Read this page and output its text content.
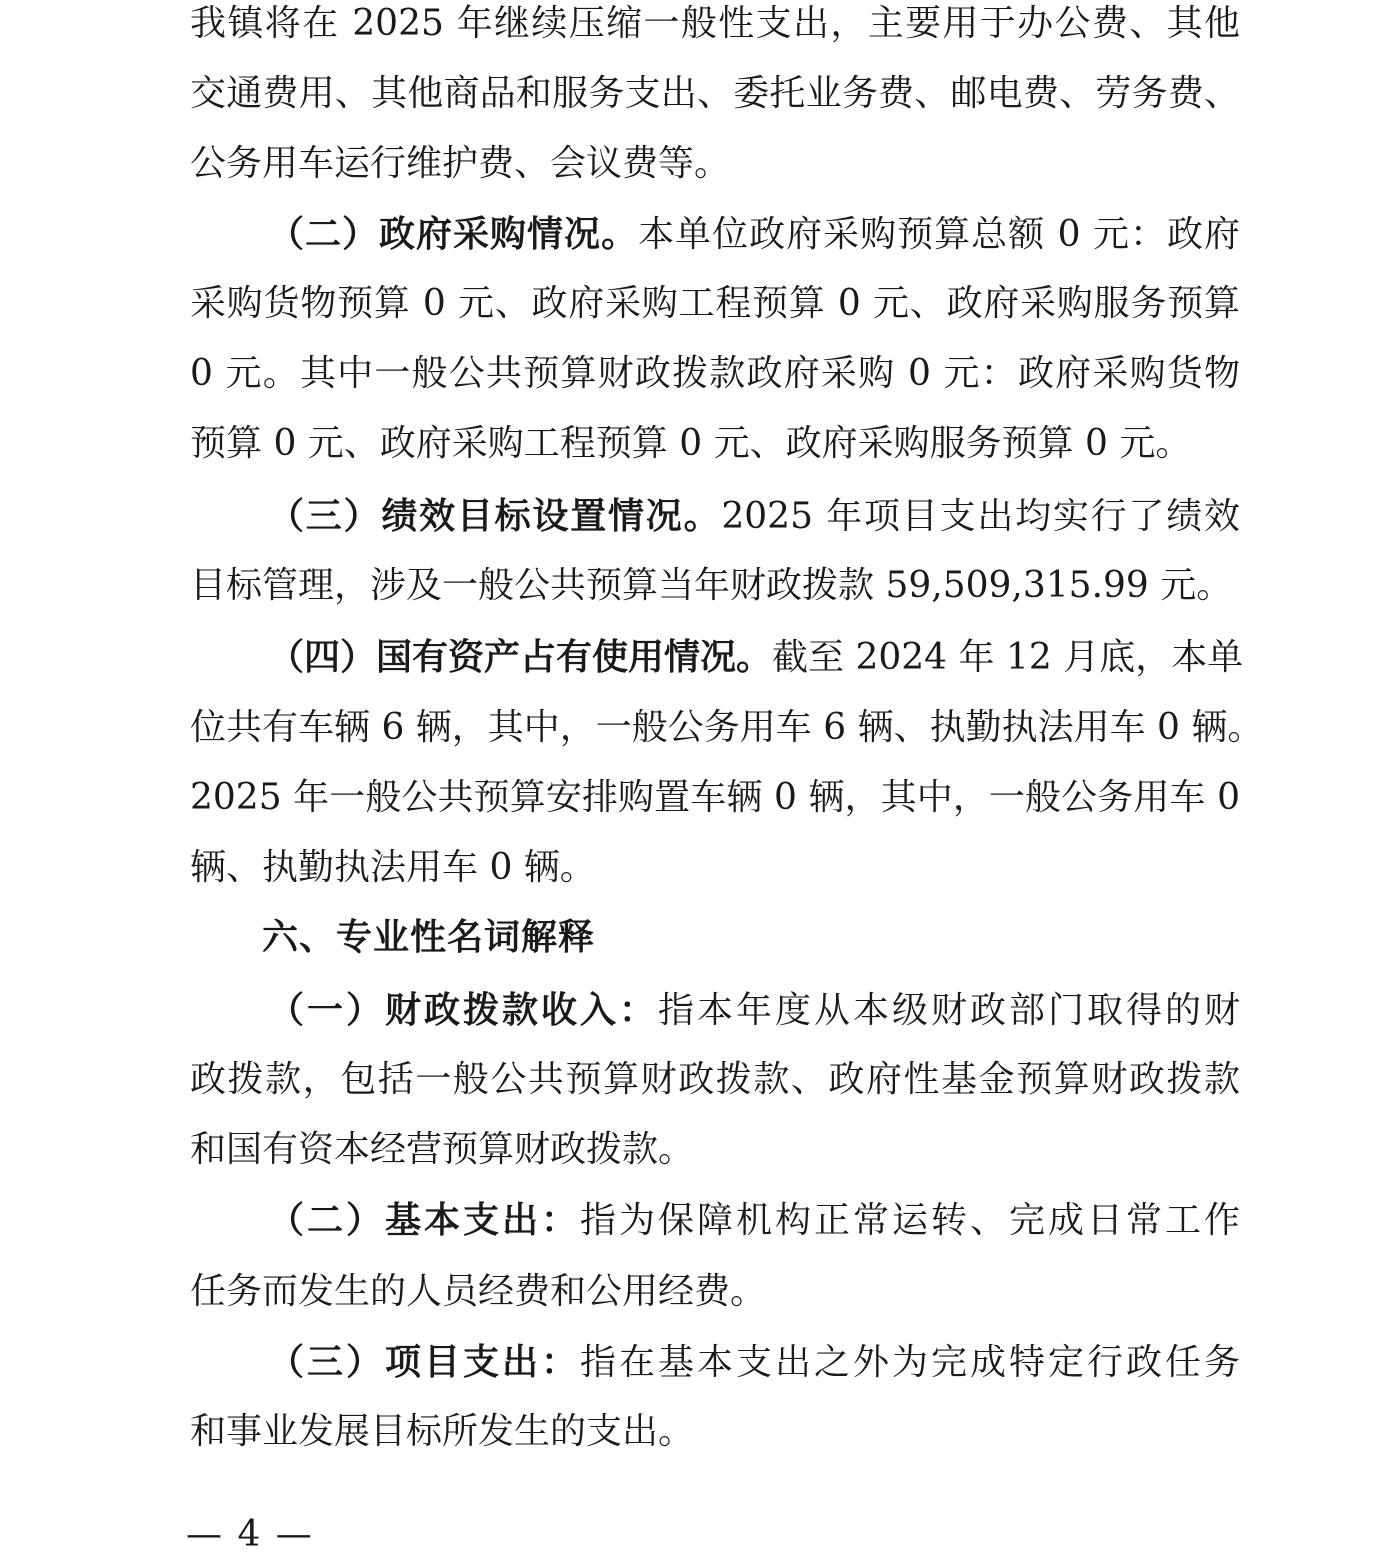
我镇将在 2025 年继续压缩一般性支出，主要用于办公费、其他
交通费用、其他商品和服务支出、委托业务费、邮电费、劳务费、
公务用车运行维护费、会议费等。
（二）政府采购情况。本单位政府采购预算总额 0 元：政府
采购货物预算 0 元、政府采购工程预算 0 元、政府采购服务预算
0 元。其中一般公共预算财政拨款政府采购 0 元：政府采购货物
预算 0 元、政府采购工程预算 0 元、政府采购服务预算 0 元。
（三）绩效目标设置情况。2025 年项目支出均实行了绩效
目标管理，涉及一般公共预算当年财政拨款 59,509,315.99 元。
（四）国有资产占有使用情况。截至 2024 年 12 月底，本单
位共有车辆 6 辆，其中，一般公务用车 6 辆、执勤执法用车 0 辆。
2025 年一般公共预算安排购置车辆 0 辆，其中，一般公务用车 0
辆、执勤执法用车 0 辆。
六、专业性名词解释
（一）财政拨款收入：指本年度从本级财政部门取得的财
政拨款，包括一般公共预算财政拨款、政府性基金预算财政拨款
和国有资本经营预算财政拨款。
（二）基本支出：指为保障机构正常运转、完成日常工作
任务而发生的人员经费和公用经费。
（三）项目支出：指在基本支出之外为完成特定行政任务
和事业发展目标所发生的支出。
— 4 —
